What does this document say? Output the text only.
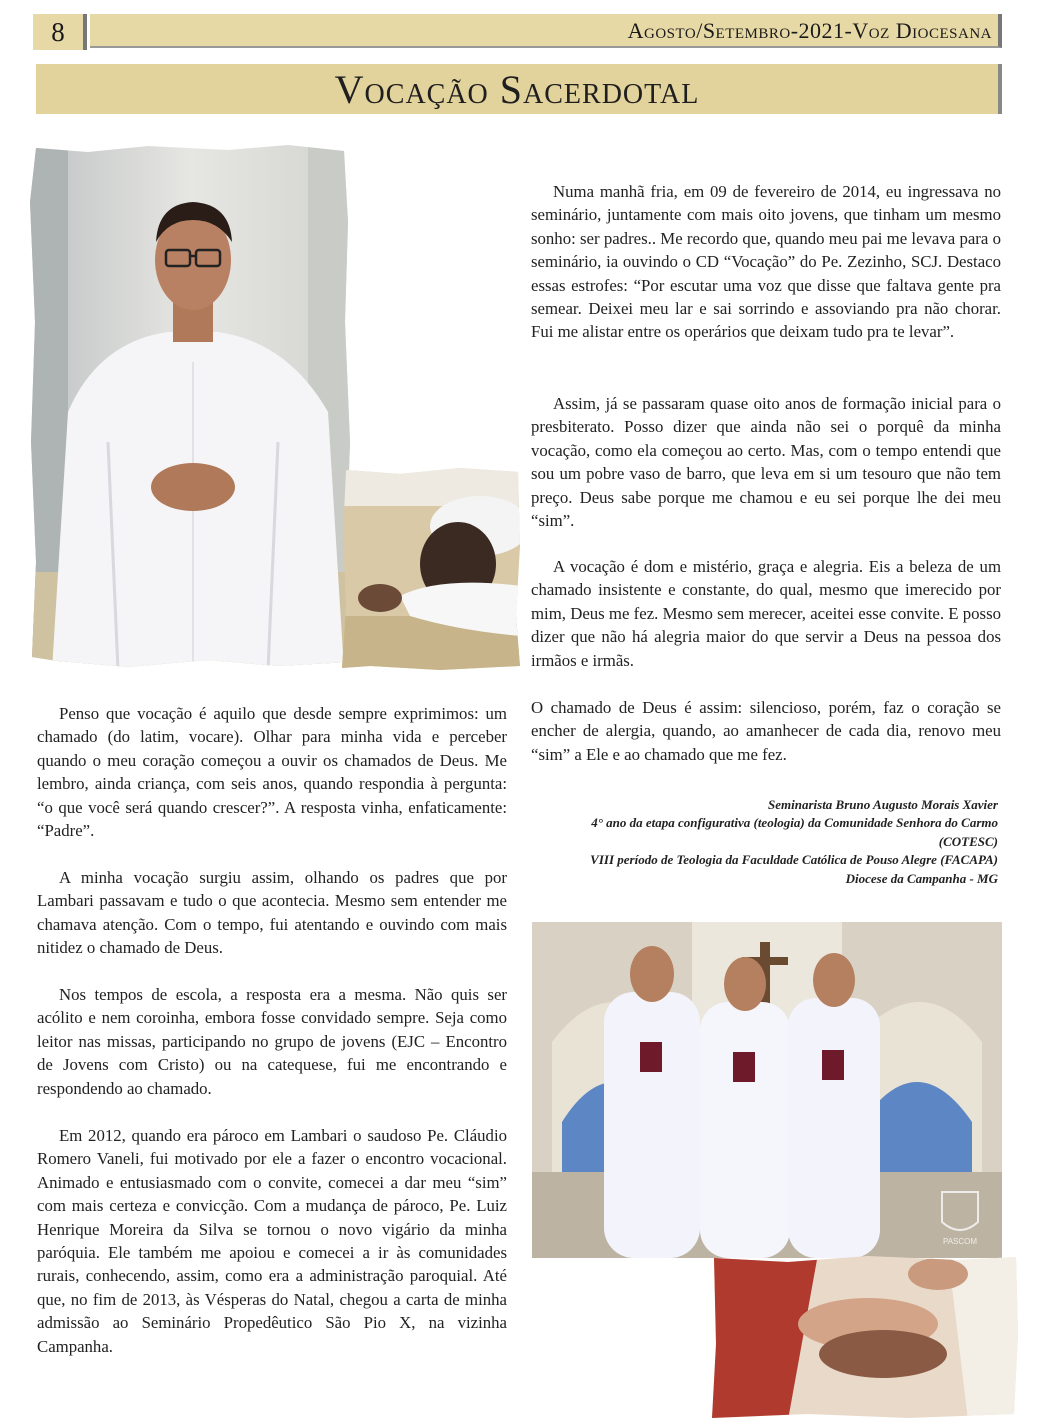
8	Agosto/Setembro-2021-Voz Diocesana
Vocação Sacerdotal

Numa manhã fria, em 09 de fevereiro de 2014, eu ingressava no seminário, juntamente com mais oito jovens, que tinham um mesmo sonho: ser padres.. Me recordo que, quando meu pai me levava para o seminário, ia ouvindo o CD “Vocação” do Pe. Zezinho, SCJ. Destaco essas estrofes: “Por escutar uma voz que disse que faltava gente pra semear. Deixei meu lar e sai sorrindo e assoviando pra não chorar. Fui me alistar entre os operários que deixam tudo pra te levar”.

Assim, já se passaram quase oito anos de formação inicial para o presbiterato. Posso dizer que ainda não sei o porquê da minha vocação, como ela começou ao certo. Mas, com o tempo entendi que sou um pobre vaso de barro, que leva em si um tesouro que não tem preço. Deus sabe porque me chamou e eu sei porque lhe dei meu “sim”.

A vocação é dom e mistério, graça e alegria. Eis a beleza de um chamado insistente e constante, do qual, mesmo que imerecido por mim, Deus me fez. Mesmo sem merecer, aceitei esse convite. E posso dizer que não há alegria maior do que servir a Deus na pessoa dos irmãos e irmãs.

O chamado de Deus é assim: silencioso, porém, faz o coração se encher de alergia, quando, ao amanhecer de cada dia, renovo meu “sim” a Ele e ao chamado que me fez.

Seminarista Bruno Augusto Morais Xavier
4° ano da etapa configurativa (teologia) da Comunidade Senhora do Carmo
(COTESC)
VIII período de Teologia da Faculdade Católica de Pouso Alegre (FACAPA)
Diocese da Campanha - MG

Penso que vocação é aquilo que desde sempre exprimimos: um chamado (do latim, vocare). Olhar para minha vida e perceber quando o meu coração começou a ouvir os chamados de Deus. Me lembro, ainda criança, com seis anos, quando respondia à pergunta: “o que você será quando crescer?”. A resposta vinha, enfaticamente: “Padre”.

A minha vocação surgiu assim, olhando os padres que por Lambari passavam e tudo o que acontecia. Mesmo sem entender me chamava atenção. Com o tempo, fui atentando e ouvindo com mais nitidez o chamado de Deus.

Nos tempos de escola, a resposta era a mesma. Não quis ser acólito e nem coroinha, embora fosse convidado sempre. Seja como leitor nas missas, participando no grupo de jovens (EJC – Encontro de Jovens com Cristo) ou na catequese, fui me encontrando e respondendo ao chamado.

Em 2012, quando era pároco em Lambari o saudoso Pe. Cláudio Romero Vaneli, fui motivado por ele a fazer o encontro vocacional. Animado e entusiasmado com o convite, comecei a dar meu “sim” com mais certeza e convicção. Com a mudança de pároco, Pe. Luiz Henrique Moreira da Silva se tornou o novo vigário da minha paróquia. Ele também me apoiou e comecei a ir às comunidades rurais, conhecendo, assim, como era a administração paroquial. Até que, no fim de 2013, às Vésperas do Natal, chegou a carta de minha admissão ao Seminário Propedêutico São Pio X, na vizinha Campanha.

PASCOM
